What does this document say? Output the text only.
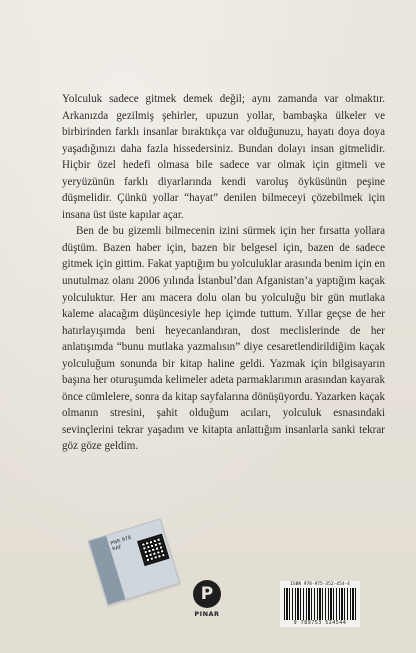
Yolculuk sadece gitmek demek değil; aynı zamanda var olmaktır. Arkanızda gezilmiş şehirler, upuzun yollar, bambaşka ülkeler ve birbirinden farklı insanlar bıraktıkça var olduğunuzu, hayatı doya doya yaşadığınızı daha fazla hissedersiniz. Bundan dolayı insan gitmelidir. Hiçbir özel hedefi olmasa bile sadece var olmak için gitmeli ve yeryüzünün farklı diyarlarında kendi varoluş öyküsünün peşine düşmelidir. Çünkü yollar “hayat” denilen bilmeceyi çözebilmek için insana üst üste kapılar açar.

Ben de bu gizemli bilmecenin izini sürmek için her fırsatta yollara düştüm. Bazen haber için, bazen bir belgesel için, bazen de sadece gitmek için gittim. Fakat yaptığım bu yolculuklar arasında benim için en unutulmaz olanı 2006 yılında İstanbul’dan Afganistan’a yaptığım kaçak yolculuktur. Her anı macera dolu olan bu yolculuğu bir gün mutlaka kaleme alacağım düşüncesiyle hep içimde tuttum. Yıllar geçse de her hatırlayışımda beni heyecanlandıran, dost meclislerinde de her anlatışımda “bunu mutlaka yazmalısın” diye cesaretlendirildiğim kaçak yolculuğum sonunda bir kitap haline geldi. Yazmak için bilgisayarın başına her oturuşumda kelimeler adeta parmaklarımın arasından kayarak önce cümlelere, sonra da kitap sayfalarına dönüşüyordu. Yazarken kaçak olmanın stresini, şahit olduğum acıları, yolculuk esnasındaki sevinçlerini tekrar yaşadım ve kitapta anlattığım insanlarla sanki tekrar göz göze geldim.

PNR 978 RAF
P
PINAR
ISBN 978-975-352-454-4
9 789753 524544
